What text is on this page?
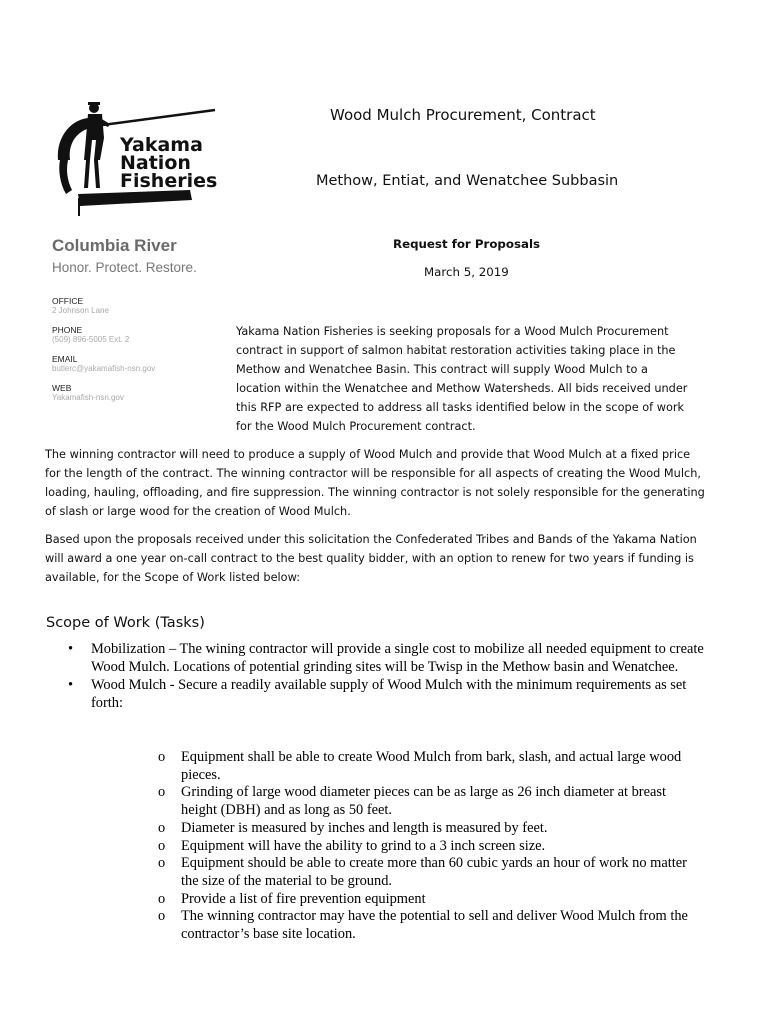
Yakama
Nation
Fisheries
Wood Mulch Procurement, Contract
Methow, Entiat, and Wenatchee Subbasin
Request for Proposals
March 5, 2019
Columbia River
Honor. Protect. Restore.
OFFICE
2 Johnson Lane
PHONE
(509) 896-5005 Ext. 2
EMAIL
butlerc@yakamafish-nsn.gov
WEB
Yakamafish-nsn.gov
Yakama Nation Fisheries is seeking proposals for a Wood Mulch Procurement contract in support of salmon habitat restoration activities taking place in the Methow and Wenatchee Basin. This contract will supply Wood Mulch to a location within the Wenatchee and Methow Watersheds. All bids received under this RFP are expected to address all tasks identified below in the scope of work for the Wood Mulch Procurement contract.
The winning contractor will need to produce a supply of Wood Mulch and provide that Wood Mulch at a fixed price for the length of the contract. The winning contractor will be responsible for all aspects of creating the Wood Mulch, loading, hauling, offloading, and fire suppression. The winning contractor is not solely responsible for the generating of slash or large wood for the creation of Wood Mulch.
Based upon the proposals received under this solicitation the Confederated Tribes and Bands of the Yakama Nation will award a one year on-call contract to the best quality bidder, with an option to renew for two years if funding is available, for the Scope of Work listed below:
Scope of Work (Tasks)
• Mobilization – The wining contractor will provide a single cost to mobilize all needed equipment to create Wood Mulch. Locations of potential grinding sites will be Twisp in the Methow basin and Wenatchee.
• Wood Mulch - Secure a readily available supply of Wood Mulch with the minimum requirements as set forth:
o Equipment shall be able to create Wood Mulch from bark, slash, and actual large wood pieces.
o Grinding of large wood diameter pieces can be as large as 26 inch diameter at breast height (DBH) and as long as 50 feet.
o Diameter is measured by inches and length is measured by feet.
o Equipment will have the ability to grind to a 3 inch screen size.
o Equipment should be able to create more than 60 cubic yards an hour of work no matter the size of the material to be ground.
o Provide a list of fire prevention equipment
o The winning contractor may have the potential to sell and deliver Wood Mulch from the contractor’s base site location.
